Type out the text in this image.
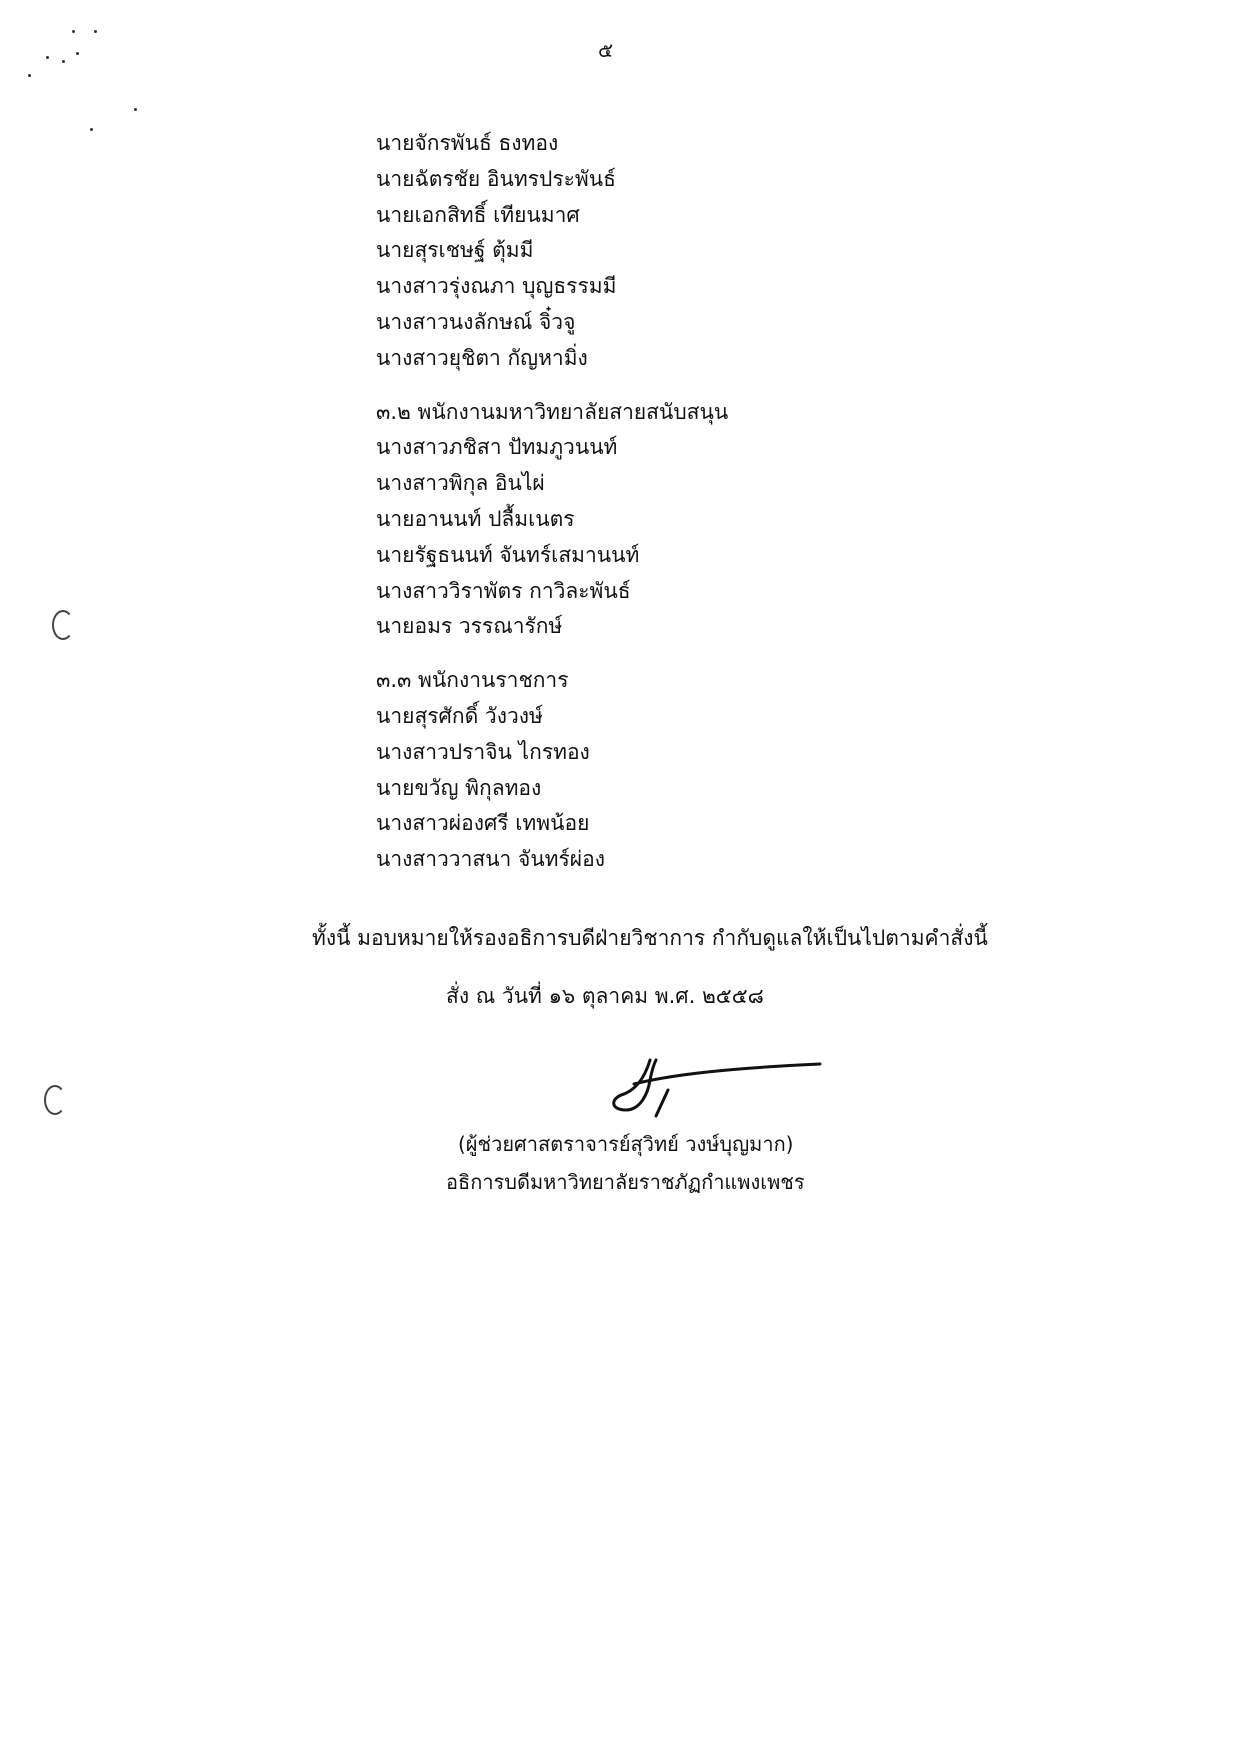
๕
นายจักรพันธ์ ธงทอง
นายฉัตรชัย อินทรประพันธ์
นายเอกสิทธิ์ เทียนมาศ
นายสุรเชษฐ์ ตุ้มมี
นางสาวรุ่งณภา บุญธรรมมี
นางสาวนงลักษณ์ จิ๋วจู
นางสาวยุชิตา กัญหามิ่ง
๓.๒ พนักงานมหาวิทยาลัยสายสนับสนุน
นางสาวภชิสา ปัทมภูวนนท์
นางสาวพิกุล อินไผ่
นายอานนท์ ปลื้มเนตร
นายรัฐธนนท์ จันทร์เสมานนท์
นางสาววิราพัตร กาวิละพันธ์
นายอมร วรรณารักษ์
๓.๓ พนักงานราชการ
นายสุรศักดิ์ วังวงษ์
นางสาวปราจิน ไกรทอง
นายขวัญ พิกุลทอง
นางสาวผ่องศรี เทพน้อย
นางสาววาสนา จันทร์ผ่อง
ทั้งนี้ มอบหมายให้รองอธิการบดีฝ่ายวิชาการ กำกับดูแลให้เป็นไปตามคำสั่งนี้
สั่ง ณ วันที่ ๑๖ ตุลาคม พ.ศ. ๒๕๕๘
(ผู้ช่วยศาสตราจารย์สุวิทย์ วงษ์บุญมาก)
อธิการบดีมหาวิทยาลัยราชภัฏกำแพงเพชร
